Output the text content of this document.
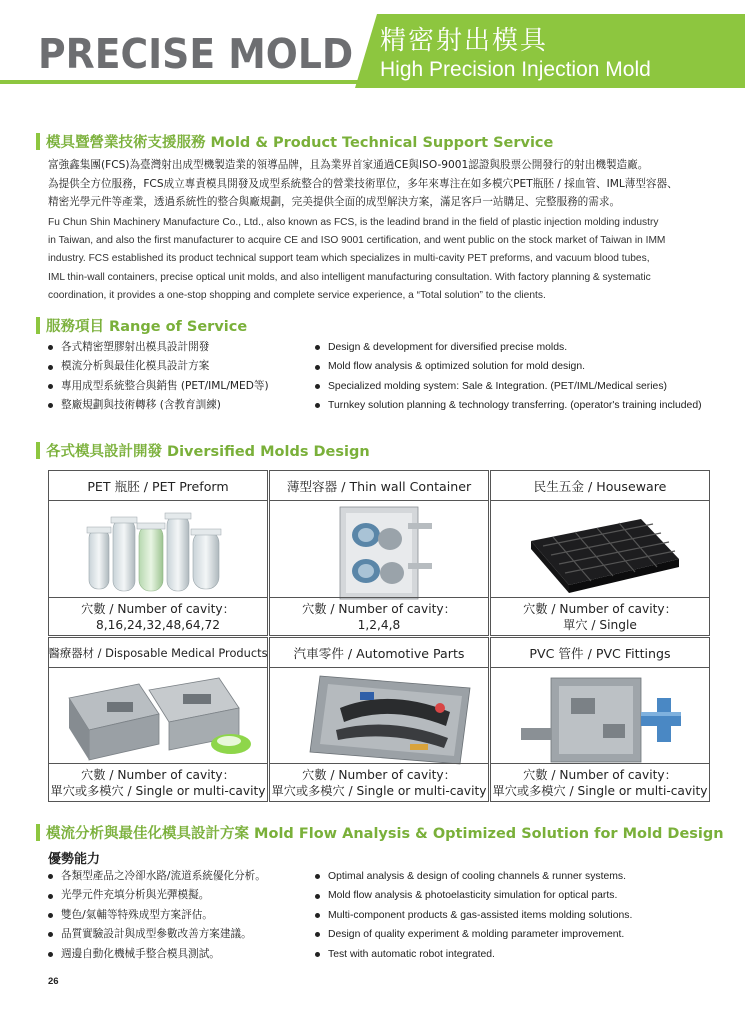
PRECISE MOLD 精密射出模具
High Precision Injection Mold
模具暨營業技術支援服務 Mold & Product Technical Support Service
富強鑫集團(FCS)為臺灣射出成型機製造業的領導品牌，且為業界首家通過CE與ISO-9001認證與股票公開發行的射出機製造廠。
為提供全方位服務，FCS成立專責模具開發及成型系統整合的營業技術單位，多年來專注在如多模穴PET瓶胚 / 採血管、IML薄型容器、
精密光學元件等產業，透過系統性的整合與廠規劃，完美提供全面的成型解決方案，滿足客戶一站購足、完整服務的需求。
Fu Chun Shin Machinery Manufacture Co., Ltd., also known as FCS, is the leadind brand in the field of plastic injection molding industry
in Taiwan, and also the first manufacturer to acquire CE and ISO 9001 certification, and went public on the stock market of Taiwan in IMM
industry. FCS established its product technical support team which specializes in multi-cavity PET preforms, and vacuum blood tubes,
IML thin-wall containers, precise optical unit molds, and also intelligent manufacturing consultation. With factory planning & systematic
coordination, it provides a one-stop shopping and complete service experience, a “Total solution” to the clients.
服務項目 Range of Service
各式精密塑膠射出模具設計開發
模流分析與最佳化模具設計方案
專用成型系統整合與銷售 (PET/IML/MED等)
整廠規劃與技術轉移 (含教育訓練)
Design & development for diversified precise molds.
Mold flow analysis & optimized solution for mold design.
Specialized molding system: Sale & Integration. (PET/IML/Medical series)
Turnkey solution planning & technology transferring. (operator's training included)
各式模具設計開發 Diversified Molds Design
PET 瓶胚 / PET Preform
穴數 / Number of cavity：
8,16,24,32,48,64,72
薄型容器 / Thin wall Container
穴數 / Number of cavity：
1,2,4,8
民生五金 / Houseware
穴數 / Number of cavity：
單穴 / Single
醫療器材 / Disposable Medical Products
穴數 / Number of cavity：
單穴或多模穴 / Single or multi-cavity
汽車零件 / Automotive Parts
穴數 / Number of cavity：
單穴或多模穴 / Single or multi-cavity
PVC 管件 / PVC Fittings
穴數 / Number of cavity：
單穴或多模穴 / Single or multi-cavity
模流分析與最佳化模具設計方案 Mold Flow Analysis & Optimized Solution for Mold Design
優勢能力
各類型產品之冷卻水路/流道系統優化分析。
光學元件充填分析與光彈模擬。
雙色/氣輔等特殊成型方案評估。
品質實驗設計與成型參數改善方案建議。
週邊自動化機械手整合模具測試。
Optimal analysis & design of cooling channels & runner systems.
Mold flow analysis & photoelasticity simulation for optical parts.
Multi-component products & gas-assisted items molding solutions.
Design of quality experiment & molding parameter improvement.
Test with automatic robot integrated.
26
